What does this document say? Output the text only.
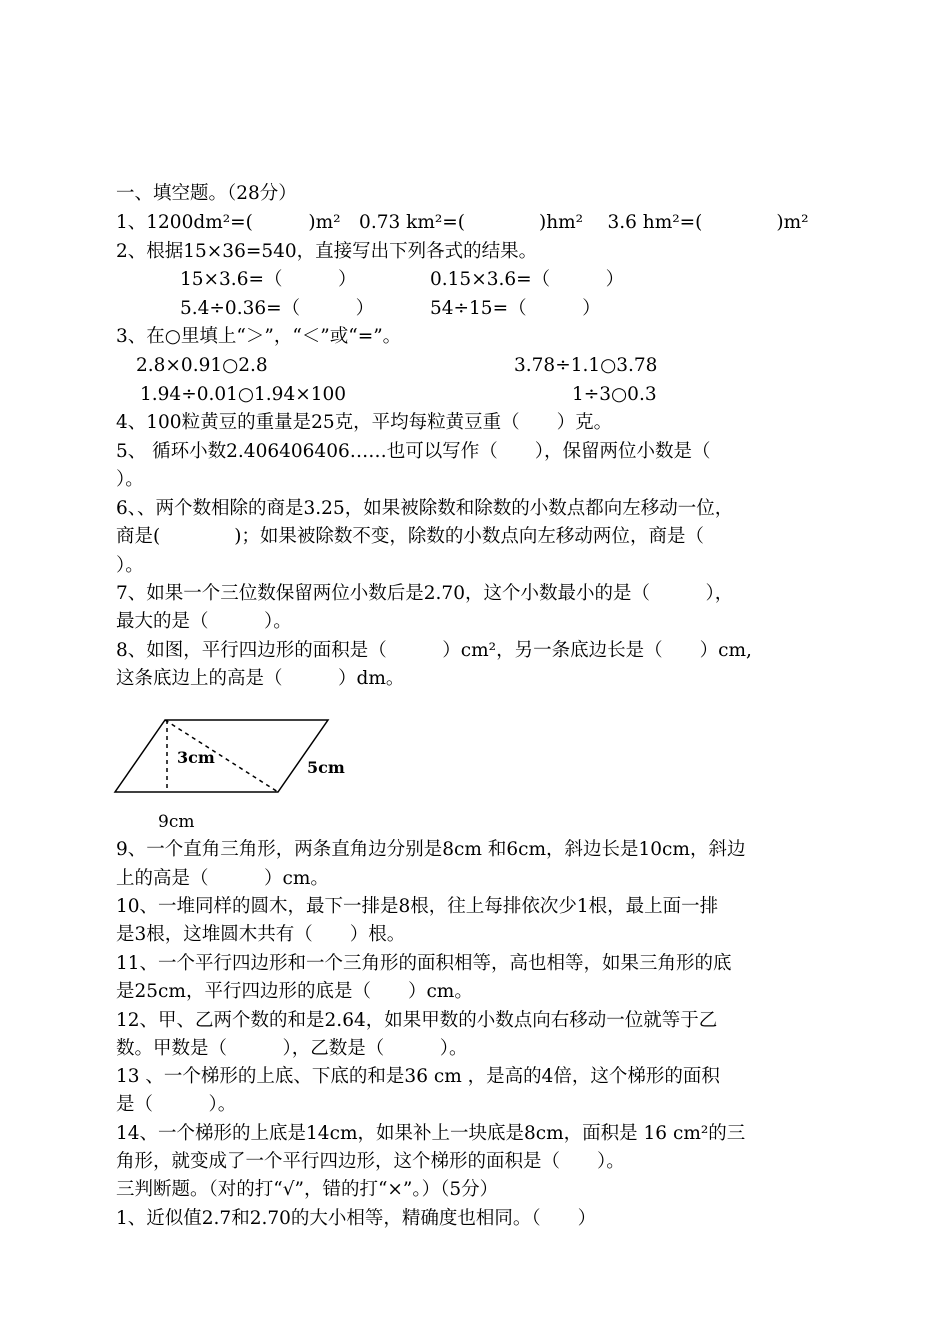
一、填空题。（28分）
1、1200dm²=(　　　)m²　0.73 km²=(　　　　)hm²　 3.6 hm²=(　　　　)m²
2、根据15×36=540，直接写出下列各式的结果。
15×3.6=（　　　）	0.15×3.6=（　　　）
5.4÷0.36=（　　　）	54÷15=（　　　）
3、在○里填上“＞”，“＜”或“=”。
2.8×0.91○2.8	3.78÷1.1○3.78
1.94÷0.01○1.94×100	1÷3○0.3
4、100粒黄豆的重量是25克，平均每粒黄豆重（　　）克。
5、 循环小数2.406406406……也可以写作（　　），保留两位小数是（
）。
6、、两个数相除的商是3.25，如果被除数和除数的小数点都向左移动一位，
商是(　　　　)；如果被除数不变，除数的小数点向左移动两位，商是（
）。
7、如果一个三位数保留两位小数后是2.70，这个小数最小的是（　　　），
最大的是（　　　）。
8、如图，平行四边形的面积是（　　　）cm²，另一条底边长是（　　）cm,
这条底边上的高是（　　　）dm。
3cm
5cm
9cm
9、一个直角三角形，两条直角边分别是8cm 和6cm，斜边长是10cm，斜边
上的高是（　　　）cm。
10、一堆同样的圆木，最下一排是8根，往上每排依次少1根，最上面一排
是3根，这堆圆木共有（　　）根。
11、一个平行四边形和一个三角形的面积相等，高也相等，如果三角形的底
是25cm，平行四边形的底是（　　）cm。
12、甲、乙两个数的和是2.64，如果甲数的小数点向右移动一位就等于乙
数。甲数是（　　　），乙数是（　　　）。
13 、一个梯形的上底、下底的和是36 cm ，是高的4倍，这个梯形的面积
是（　　　）。
14、一个梯形的上底是14cm，如果补上一块底是8cm，面积是 16 cm²的三
角形，就变成了一个平行四边形，这个梯形的面积是（　　）。
三判断题。（对的打“√”，错的打“×”。）（5分）
1、近似值2.7和2.70的大小相等，精确度也相同。（　　）
